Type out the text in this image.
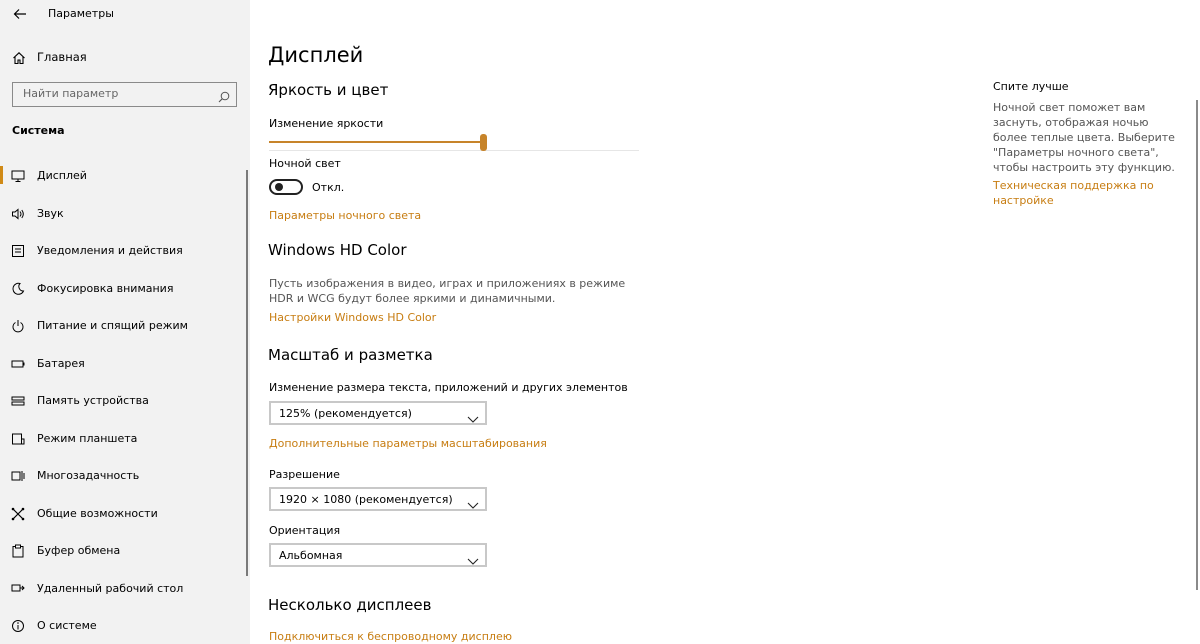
Параметры
Главная
Найти параметр
Система
Дисплей
Звук
Уведомления и действия
Фокусировка внимания
Питание и спящий режим
Батарея
Память устройства
Режим планшета
Многозадачность
Общие возможности
Буфер обмена
Удаленный рабочий стол
О системе
Дисплей
Яркость и цвет
Изменение яркости
Ночной свет
Откл.
Параметры ночного света
Windows HD Color
Пусть изображения в видео, играх и приложениях в режиме HDR и WCG будут более яркими и динамичными.
Настройки Windows HD Color
Масштаб и разметка
Изменение размера текста, приложений и других элементов
125% (рекомендуется)
Дополнительные параметры масштабирования
Разрешение
1920 × 1080 (рекомендуется)
Ориентация
Альбомная
Несколько дисплеев
Подключиться к беспроводному дисплею
Спите лучше
Ночной свет поможет вам заснуть, отображая ночью более теплые цвета. Выберите "Параметры ночного света", чтобы настроить эту функцию.
Техническая поддержка по настройке
